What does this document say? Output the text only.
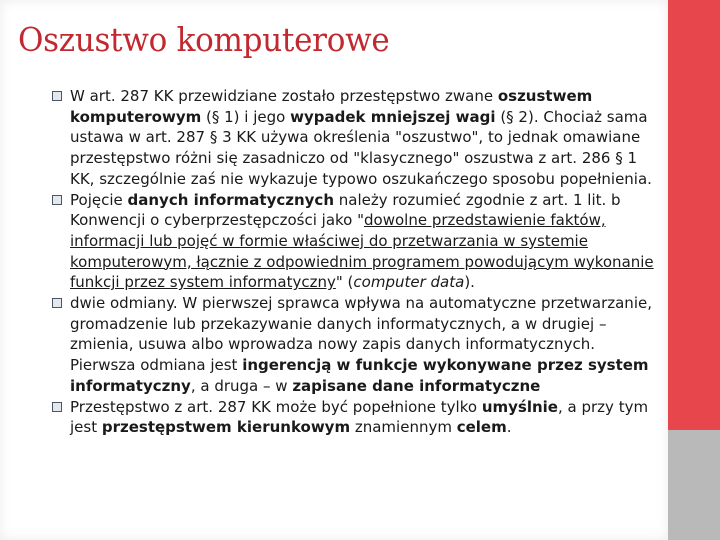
Oszustwo komputerowe

W art. 287 KK przewidziane zostało przestępstwo zwane oszustwem komputerowym (§ 1) i jego wypadek mniejszej wagi (§ 2). Chociaż sama ustawa w art. 287 § 3 KK używa określenia "oszustwo", to jednak omawiane przestępstwo różni się zasadniczo od "klasycznego" oszustwa z art. 286 § 1 KK, szczególnie zaś nie wykazuje typowo oszukańczego sposobu popełnienia.

Pojęcie danych informatycznych należy rozumieć zgodnie z art. 1 lit. b Konwencji o cyberprzestępczości jako "dowolne przedstawienie faktów, informacji lub pojęć w formie właściwej do przetwarzania w systemie komputerowym, łącznie z odpowiednim programem powodującym wykonanie funkcji przez system informatyczny" (computer data).

dwie odmiany. W pierwszej sprawca wpływa na automatyczne przetwarzanie, gromadzenie lub przekazywanie danych informatycznych, a w drugiej – zmienia, usuwa albo wprowadza nowy zapis danych informatycznych. Pierwsza odmiana jest ingerencją w funkcje wykonywane przez system informatyczny, a druga – w zapisane dane informatyczne

Przestępstwo z art. 287 KK może być popełnione tylko umyślnie, a przy tym jest przestępstwem kierunkowym znamiennym celem.
